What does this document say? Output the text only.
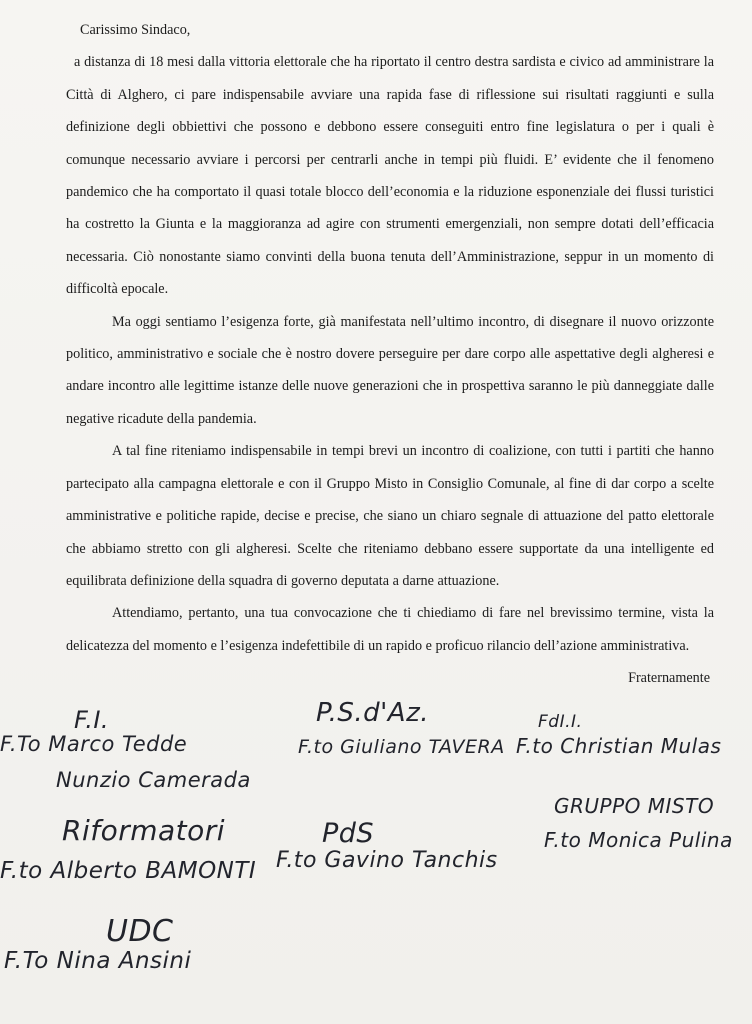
Carissimo Sindaco,

a distanza di 18 mesi dalla vittoria elettorale che ha riportato il centro destra sardista e civico ad amministrare la Città di Alghero, ci pare indispensabile avviare una rapida fase di riflessione sui risultati raggiunti e sulla definizione degli obbiettivi che possono e debbono essere conseguiti entro fine legislatura o per i quali è comunque necessario avviare i percorsi per centrarli anche in tempi più fluidi. E’ evidente che il fenomeno pandemico che ha comportato il quasi totale blocco dell’economia e la riduzione esponenziale dei flussi turistici ha costretto la Giunta e la maggioranza ad agire con strumenti emergenziali, non sempre dotati dell’efficacia necessaria. Ciò nonostante siamo convinti della buona tenuta dell’Amministrazione, seppur in un momento di difficoltà epocale.

Ma oggi sentiamo l’esigenza forte, già manifestata nell’ultimo incontro, di disegnare il nuovo orizzonte politico, amministrativo e sociale che è nostro dovere perseguire per dare corpo alle aspettative degli algheresi e andare incontro alle legittime istanze delle nuove generazioni che in prospettiva saranno le più danneggiate dalle negative ricadute della pandemia.

A tal fine riteniamo indispensabile in tempi brevi un incontro di coalizione, con tutti i partiti che hanno partecipato alla campagna elettorale e con il Gruppo Misto in Consiglio Comunale, al fine di dar corpo a scelte amministrative e politiche rapide, decise e precise, che siano un chiaro segnale di attuazione del patto elettorale che abbiamo stretto con gli algheresi. Scelte che riteniamo debbano essere supportate da una intelligente ed equilibrata definizione della squadra di governo deputata a darne attuazione.

Attendiamo, pertanto, una tua convocazione che ti chiediamo di fare nel brevissimo termine, vista la delicatezza del momento e l’esigenza indefettibile di un rapido e proficuo rilancio dell’azione amministrativa.

Fraternamente

F.I.
F.To Marco Tedde
Nunzio Camerada
P.S.d'Az.
F.to Giuliano TAVERA
FdI.I.
F.to Christian Mulas
Riformatori
F.to Alberto BAMONTI
PdS
F.to Gavino Tanchis
GRUPPO MISTO
F.to Monica Pulina
UDC
F.To Nina Ansini
